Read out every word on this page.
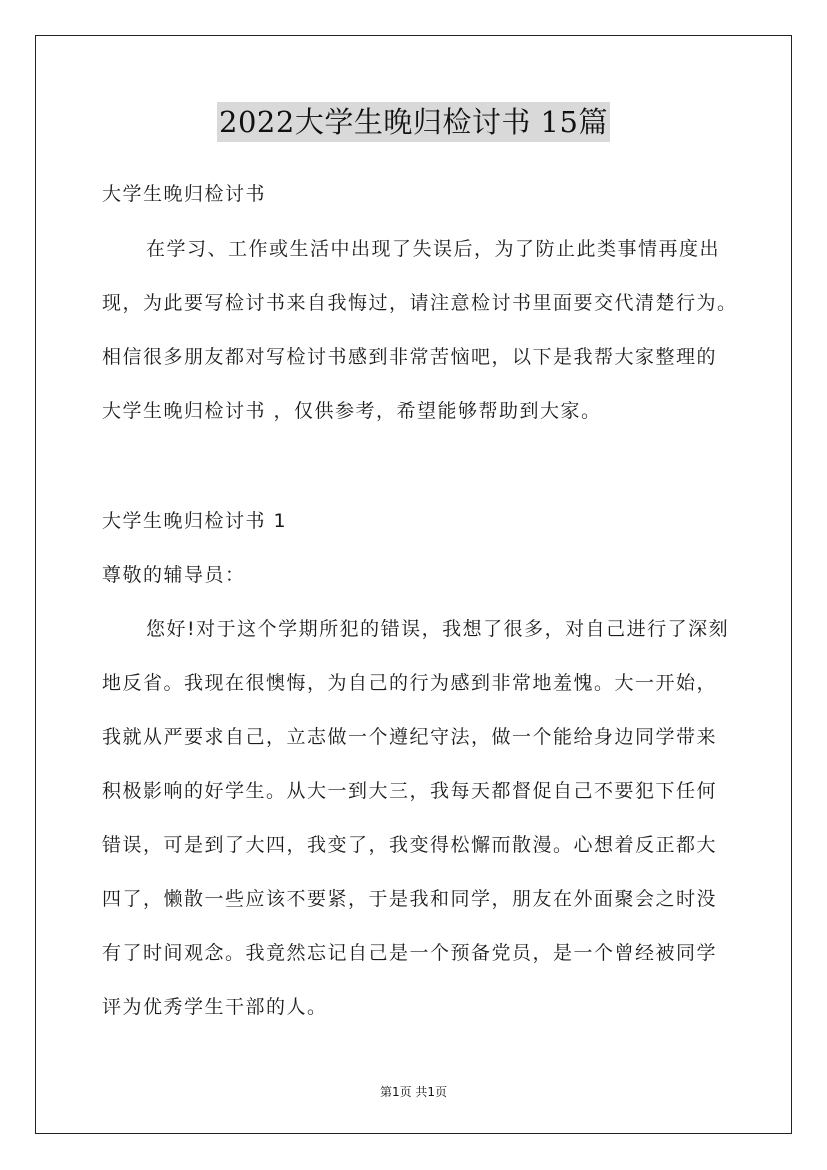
2022大学生晚归检讨书 15篇
大学生晚归检讨书
在学习、工作或生活中出现了失误后，为了防止此类事情再度出
现，为此要写检讨书来自我悔过，请注意检讨书里面要交代清楚行为。
相信很多朋友都对写检讨书感到非常苦恼吧，以下是我帮大家整理的
大学生晚归检讨书 ，仅供参考，希望能够帮助到大家。
大学生晚归检讨书 1
尊敬的辅导员：
您好!对于这个学期所犯的错误，我想了很多，对自己进行了深刻
地反省。我现在很懊悔，为自己的行为感到非常地羞愧。大一开始，
我就从严要求自己，立志做一个遵纪守法，做一个能给身边同学带来
积极影响的好学生。从大一到大三，我每天都督促自己不要犯下任何
错误，可是到了大四，我变了，我变得松懈而散漫。心想着反正都大
四了，懒散一些应该不要紧，于是我和同学，朋友在外面聚会之时没
有了时间观念。我竟然忘记自己是一个预备党员，是一个曾经被同学
评为优秀学生干部的人。
第1页 共1页
